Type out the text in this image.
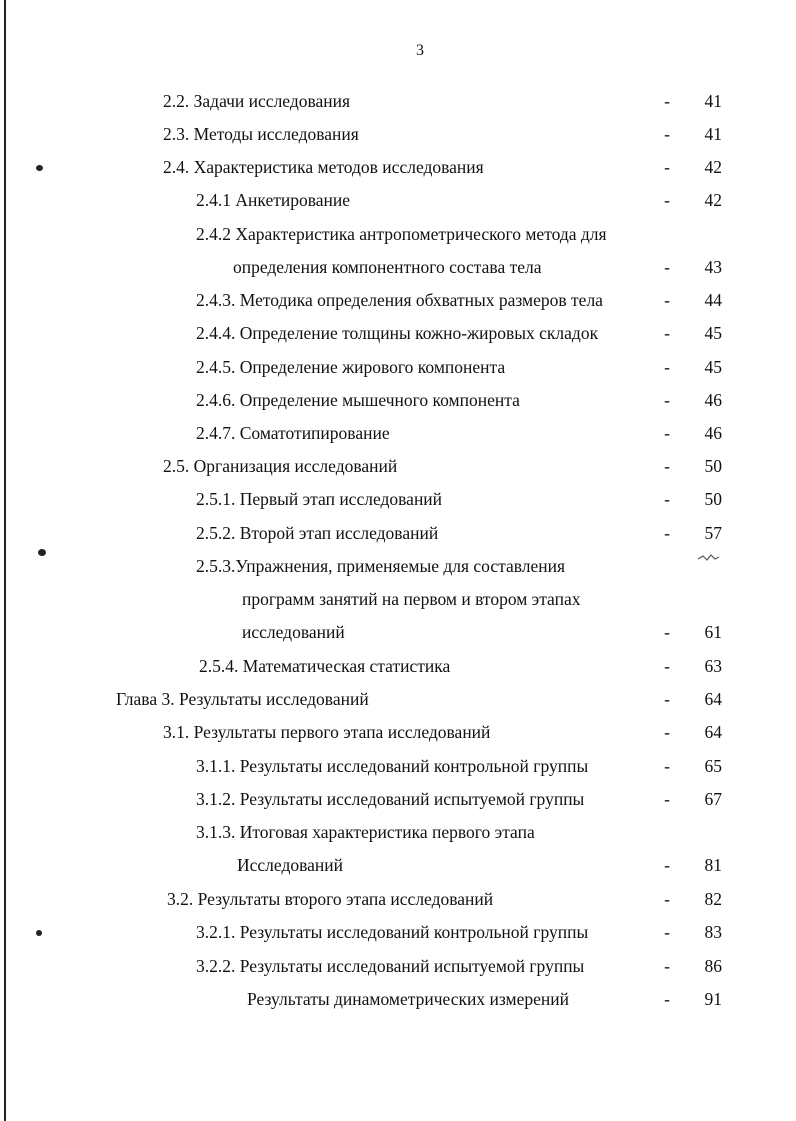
3
2.2. Задачи исследования	-	41
2.3. Методы исследования	-	41
2.4. Характеристика методов исследования	-	42
2.4.1 Анкетирование	-	42
2.4.2 Характеристика антропометрического метода для
определения компонентного состава тела	-	43
2.4.3. Методика определения обхватных размеров тела	-	44
2.4.4. Определение толщины кожно-жировых складок	-	45
2.4.5. Определение жирового компонента	-	45
2.4.6. Определение мышечного компонента	-	46
2.4.7. Соматотипирование	-	46
2.5. Организация исследований	-	50
2.5.1. Первый этап исследований	-	50
2.5.2. Второй этап исследований	-	57
2.5.3.Упражнения, применяемые для составления
программ занятий на первом и втором этапах
исследований	-	61
2.5.4. Математическая статистика	-	63
Глава 3. Результаты исследований	-	64
3.1. Результаты первого этапа исследований	-	64
3.1.1. Результаты исследований контрольной группы	-	65
3.1.2. Результаты исследований испытуемой группы	-	67
3.1.3. Итоговая характеристика первого этапа
Исследований	-	81
3.2. Результаты второго этапа исследований	-	82
3.2.1. Результаты исследований контрольной группы	-	83
3.2.2. Результаты исследований испытуемой группы	-	86
Результаты динамометрических измерений	-	91
